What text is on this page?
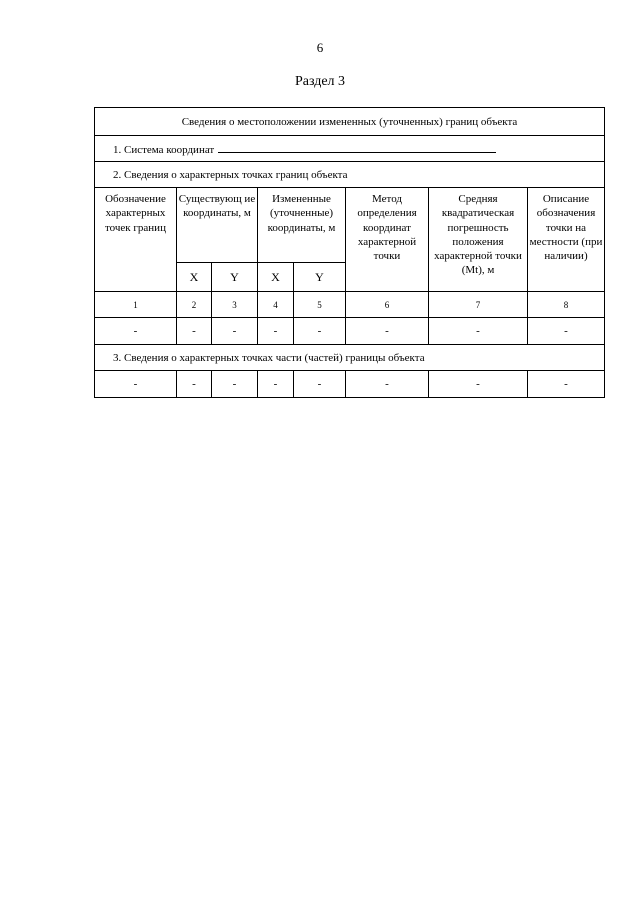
6
Раздел 3
Сведения о местоположении измененных (уточненных) границ объекта							
1. Система координат							
2. Сведения о характерных точках границ объекта							
Обозначение характерных точек границ	Существующ ие координаты, м		Измененные (уточненные) координаты, м		Метод определения координат характерной точки	Средняя квадратическая погрешность положения характерной точки (Mt), м	Описание обозначения точки на местности (при наличии)
	X	Y	X	Y			
1	2	3	4	5	6	7	8
-	-	-	-	-	-	-	-
3. Сведения о характерных точках части (частей) границы объекта							
-	-	-	-	-	-	-	-
